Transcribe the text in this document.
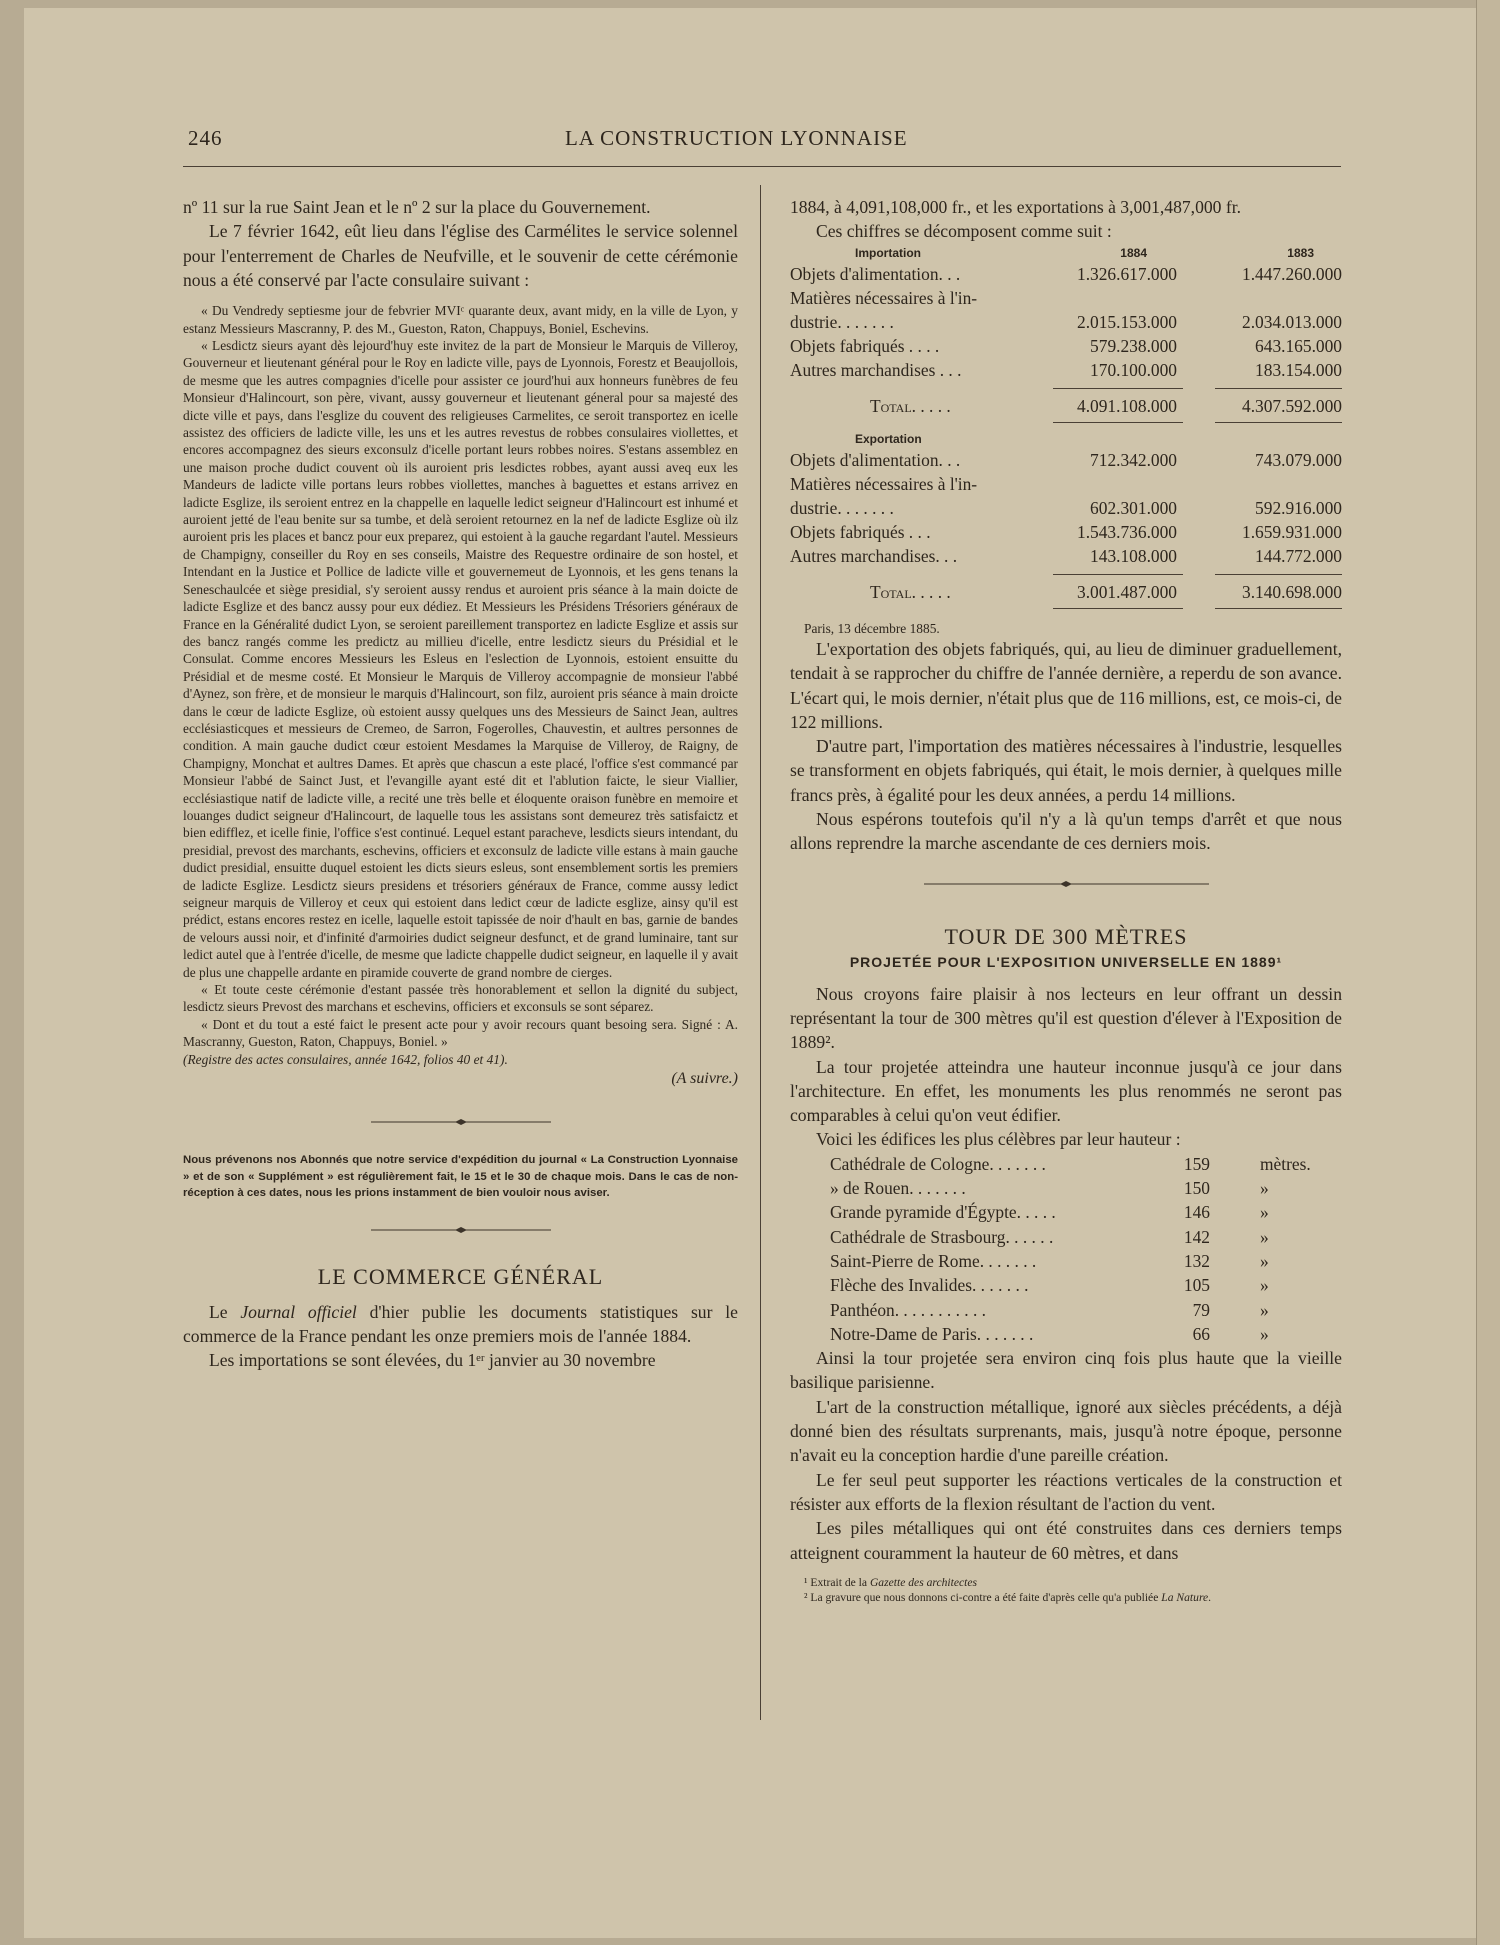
246	LA CONSTRUCTION LYONNAISE

nº 11 sur la rue Saint Jean et le nº 2 sur la place du Gouvernement.

Le 7 février 1642, eût lieu dans l'église des Carmélites le service solennel pour l'enterrement de Charles de Neufville, et le souvenir de cette cérémonie nous a été conservé par l'acte consulaire suivant :

« Du Vendredy septiesme jour de febvrier MVIᶜ quarante deux, avant midy, en la ville de Lyon, y estanz Messieurs Mascranny, P. des M., Gueston, Raton, Chappuys, Boniel, Eschevins.

« Lesdictz sieurs ayant dès lejourd'huy este invitez de la part de Monsieur le Marquis de Villeroy, Gouverneur et lieutenant général pour le Roy en ladicte ville, pays de Lyonnois, Forestz et Beaujollois, de mesme que les autres compagnies d'icelle pour assister ce jourd'hui aux honneurs funèbres de feu Monsieur d'Halincourt, son père, vivant, aussy gouverneur et lieutenant géneral pour sa majesté des dicte ville et pays, dans l'esglize du couvent des religieuses Carmelites, ce seroit transportez en icelle assistez des officiers de ladicte ville, les uns et les autres revestus de robbes consulaires viollettes, et encores accompagnez des sieurs exconsulz d'icelle portant leurs robbes noires. S'estans assemblez en une maison proche dudict couvent où ils auroient pris lesdictes robbes, ayant aussi aveq eux les Mandeurs de ladicte ville portans leurs robbes viollettes, manches à baguettes et estans arrivez en ladicte Esglize, ils seroient entrez en la chappelle en laquelle ledict seigneur d'Halincourt est inhumé et auroient jetté de l'eau benite sur sa tumbe, et delà seroient retournez en la nef de ladicte Esglize où ilz auroient pris les places et bancz pour eux preparez, qui estoient à la gauche regardant l'autel. Messieurs de Champigny, conseiller du Roy en ses conseils, Maistre des Requestre ordinaire de son hostel, et Intendant en la Justice et Pollice de ladicte ville et gouvernemeut de Lyonnois, et les gens tenans la Seneschaulcée et siège presidial, s'y seroient aussy rendus et auroient pris séance à la main doicte de ladicte Esglize et des bancz aussy pour eux dédiez. Et Messieurs les Présidens Trésoriers généraux de France en la Généralité dudict Lyon, se seroient pareillement transportez en ladicte Esglize et assis sur des bancz rangés comme les predictz au millieu d'icelle, entre lesdictz sieurs du Présidial et le Consulat. Comme encores Messieurs les Esleus en l'eslection de Lyonnois, estoient ensuitte du Présidial et de mesme costé. Et Monsieur le Marquis de Villeroy accompagnie de monsieur l'abbé d'Aynez, son frère, et de monsieur le marquis d'Halincourt, son filz, auroient pris séance à main droicte dans le cœur de ladicte Esglize, où estoient aussy quelques uns des Messieurs de Sainct Jean, aultres ecclésiasticques et messieurs de Cremeo, de Sarron, Fogerolles, Chauvestin, et aultres personnes de condition. A main gauche dudict cœur estoient Mesdames la Marquise de Villeroy, de Raigny, de Champigny, Monchat et aultres Dames. Et après que chascun a este placé, l'office s'est commancé par Monsieur l'abbé de Sainct Just, et l'evangille ayant esté dit et l'ablution faicte, le sieur Viallier, ecclésiastique natif de ladicte ville, a recité une très belle et éloquente oraison funèbre en memoire et louanges dudict seigneur d'Halincourt, de laquelle tous les assistans sont demeurez très satisfaictz et bien edifflez, et icelle finie, l'office s'est continué. Lequel estant paracheve, lesdicts sieurs intendant, du presidial, prevost des marchants, eschevins, officiers et exconsulz de ladicte ville estans à main gauche dudict presidial, ensuitte duquel estoient les dicts sieurs esleus, sont ensemblement sortis les premiers de ladicte Esglize. Lesdictz sieurs presidens et trésoriers généraux de France, comme aussy ledict seigneur marquis de Villeroy et ceux qui estoient dans ledict cœur de ladicte esglize, ainsy qu'il est prédict, estans encores restez en icelle, laquelle estoit tapissée de noir d'hault en bas, garnie de bandes de velours aussi noir, et d'infinité d'armoiries dudict seigneur desfunct, et de grand luminaire, tant sur ledict autel que à l'entrée d'icelle, de mesme que ladicte chappelle dudict seigneur, en laquelle il y avait de plus une chappelle ardante en piramide couverte de grand nombre de cierges.

« Et toute ceste cérémonie d'estant passée très honorablement et sellon la dignité du subject, lesdictz sieurs Prevost des marchans et eschevins, officiers et exconsuls se sont séparez.

« Dont et du tout a esté faict le present acte pour y avoir recours quant besoing sera. Signé : A. Mascranny, Gueston, Raton, Chappuys, Boniel. »

(Registre des actes consulaires, année 1642, folios 40 et 41).

(A suivre.)

Nous prévenons nos Abonnés que notre service d'expédition du journal « La Construction Lyonnaise » et de son « Supplément » est régulièrement fait, le 15 et le 30 de chaque mois. Dans le cas de non-réception à ces dates, nous les prions instamment de bien vouloir nous aviser.

LE COMMERCE GÉNÉRAL

Le Journal officiel d'hier publie les documents statistiques sur le commerce de la France pendant les onze premiers mois de l'année 1884.

Les importations se sont élevées, du 1ᵉʳ janvier au 30 novembre

1884, à 4,091,108,000 fr., et les exportations à 3,001,487,000 fr.

Ces chiffres se décomposent comme suit :

Importation	1884	1883
Objets d'alimentation. . .	1.326.617.000	1.447.260.000
Matières nécessaires à l'in-
dustrie. . . . . . .	2.015.153.000	2.034.013.000
Objets fabriqués . . . .	579.238.000	643.165.000
Autres marchandises . . .	170.100.000	183.154.000
Total. . . . .	4.091.108.000	4.307.592.000
Exportation
Objets d'alimentation. . .	712.342.000	743.079.000
Matières nécessaires à l'in-
dustrie. . . . . . .	602.301.000	592.916.000
Objets fabriqués . . .	1.543.736.000	1.659.931.000
Autres marchandises. . .	143.108.000	144.772.000
Total. . . . .	3.001.487.000	3.140.698.000

Paris, 13 décembre 1885.

L'exportation des objets fabriqués, qui, au lieu de diminuer graduellement, tendait à se rapprocher du chiffre de l'année dernière, a reperdu de son avance. L'écart qui, le mois dernier, n'était plus que de 116 millions, est, ce mois-ci, de 122 millions.

D'autre part, l'importation des matières nécessaires à l'industrie, lesquelles se transforment en objets fabriqués, qui était, le mois dernier, à quelques mille francs près, à égalité pour les deux années, a perdu 14 millions.

Nous espérons toutefois qu'il n'y a là qu'un temps d'arrêt et que nous allons reprendre la marche ascendante de ces derniers mois.

TOUR DE 300 MÈTRES
PROJETÉE POUR L'EXPOSITION UNIVERSELLE EN 1889¹

Nous croyons faire plaisir à nos lecteurs en leur offrant un dessin représentant la tour de 300 mètres qu'il est question d'élever à l'Exposition de 1889².

La tour projetée atteindra une hauteur inconnue jusqu'à ce jour dans l'architecture. En effet, les monuments les plus renommés ne seront pas comparables à celui qu'on veut édifier.

Voici les édifices les plus célèbres par leur hauteur :

Cathédrale de Cologne. . . . . . .	159	mètres.
» de Rouen. . . . . . .	150	»
Grande pyramide d'Égypte. . . . .	146	»
Cathédrale de Strasbourg. . . . . .	142	»
Saint-Pierre de Rome. . . . . . .	132	»
Flèche des Invalides. . . . . . .	105	»
Panthéon. . . . . . . . . . .	79	»
Notre-Dame de Paris. . . . . . .	66	»

Ainsi la tour projetée sera environ cinq fois plus haute que la vieille basilique parisienne.

L'art de la construction métallique, ignoré aux siècles précédents, a déjà donné bien des résultats surprenants, mais, jusqu'à notre époque, personne n'avait eu la conception hardie d'une pareille création.

Le fer seul peut supporter les réactions verticales de la construction et résister aux efforts de la flexion résultant de l'action du vent.

Les piles métalliques qui ont été construites dans ces derniers temps atteignent couramment la hauteur de 60 mètres, et dans

¹ Extrait de la Gazette des architectes

² La gravure que nous donnons ci-contre a été faite d'après celle qu'a publiée La Nature.
